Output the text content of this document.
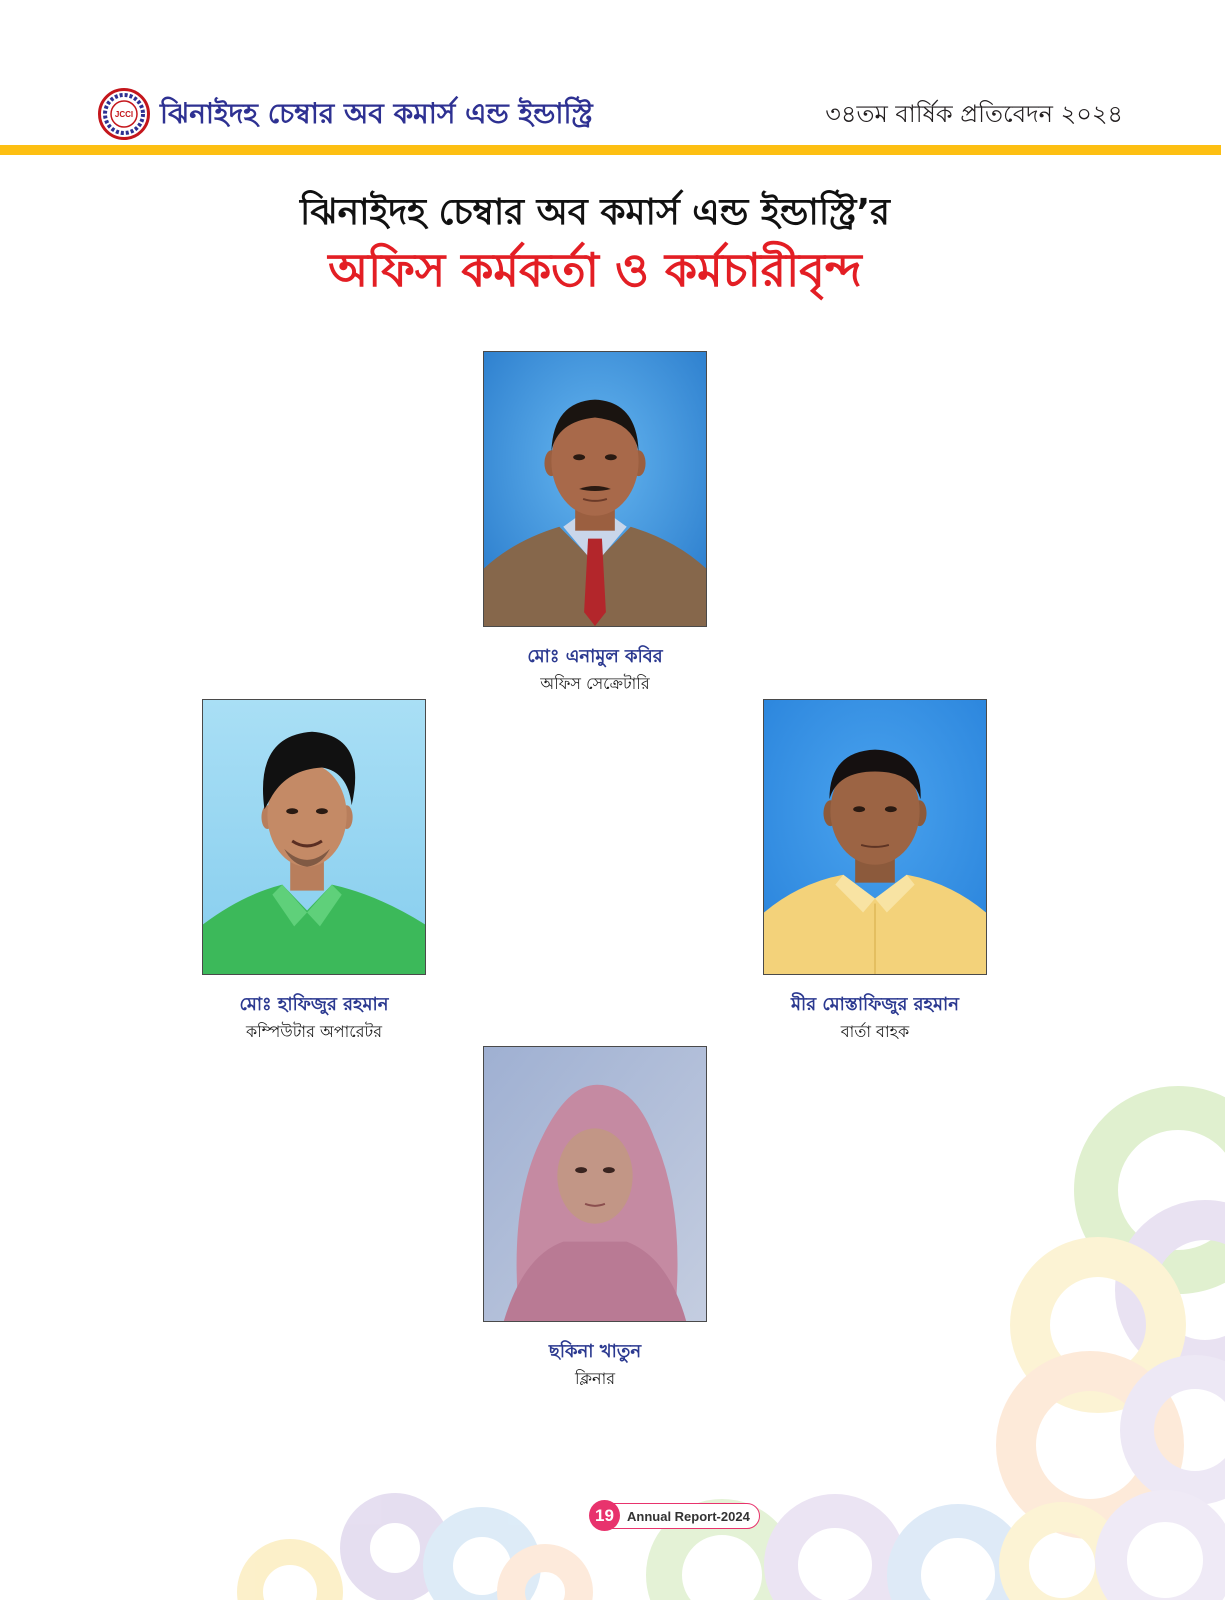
JCCI ঝিনাইদহ চেম্বার অব কমার্স এন্ড ইন্ডাস্ট্রি	৩৪তম বার্ষিক প্রতিবেদন ২০২৪
ঝিনাইদহ চেম্বার অব কমার্স এন্ড ইন্ডাস্ট্রি’র
অফিস কর্মকর্তা ও কর্মচারীবৃন্দ
মোঃ এনামুল কবির
অফিস সেক্রেটারি
মোঃ হাফিজুর রহমান
কম্পিউটার অপারেটর
মীর মোস্তাফিজুর রহমান
বার্তা বাহক
ছকিনা খাতুন
ক্লিনার
Annual Report-2024
19
